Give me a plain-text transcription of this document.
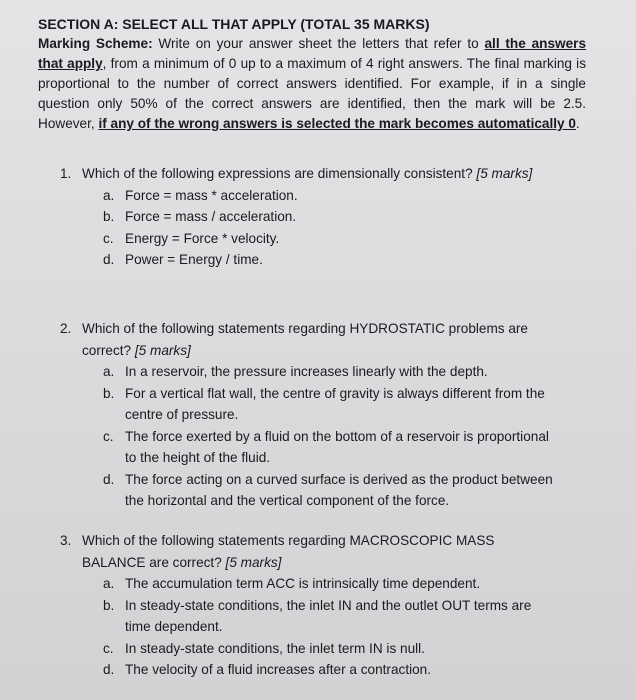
SECTION A: SELECT ALL THAT APPLY (TOTAL 35 MARKS)
Marking Scheme: Write on your answer sheet the letters that refer to all the answers that apply, from a minimum of 0 up to a maximum of 4 right answers. The final marking is proportional to the number of correct answers identified. For example, if in a single question only 50% of the correct answers are identified, then the mark will be 2.5. However, if any of the wrong answers is selected the mark becomes automatically 0.
1. Which of the following expressions are dimensionally consistent? [5 marks]
a. Force = mass * acceleration.
b. Force = mass / acceleration.
c. Energy = Force * velocity.
d. Power = Energy / time.
2. Which of the following statements regarding HYDROSTATIC problems are
correct? [5 marks]
a. In a reservoir, the pressure increases linearly with the depth.
b. For a vertical flat wall, the centre of gravity is always different from the
centre of pressure.
c. The force exerted by a fluid on the bottom of a reservoir is proportional
to the height of the fluid.
d. The force acting on a curved surface is derived as the product between
the horizontal and the vertical component of the force.
3. Which of the following statements regarding MACROSCOPIC MASS
BALANCE are correct? [5 marks]
a. The accumulation term ACC is intrinsically time dependent.
b. In steady-state conditions, the inlet IN and the outlet OUT terms are
time dependent.
c. In steady-state conditions, the inlet term IN is null.
d. The velocity of a fluid increases after a contraction.
